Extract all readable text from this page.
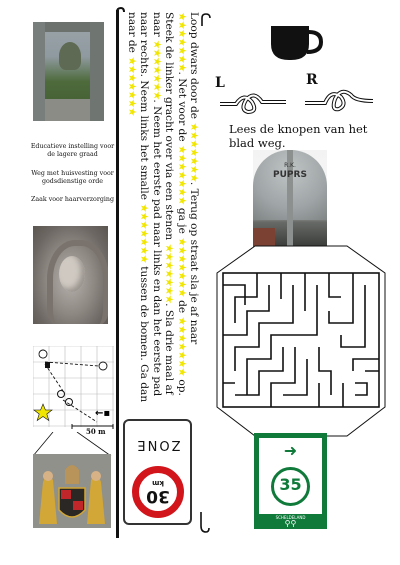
Educatieve instelling voor de lagere graad
Weg met huisvesting voor godsdienstige orde
Zaak voor haarverzorging
←▪
50 m
Loop dwars door de ★★★★★★★. Terug op straat sla je af naar ★★★★★★★. Net voor de ★★★★★★★ ga je ★★★★★★★ de ★★★★★★★ op. Steek de linker gracht over via een stenen ★★★★★★★. Sla drie maal af naar ★★★★★★★. Neem het eerste pad naar links en dan het eerste pad naar rechts. Neem links het smalle ★★★★★★★ tussen de bomen. Ga dan naar de ★★★★★★★
30
km
ZONE
L	R
Lees de knopen van het blad weg.
R.K.
PUPRS
➜
35
SCHELDELAND
⚲⚲
